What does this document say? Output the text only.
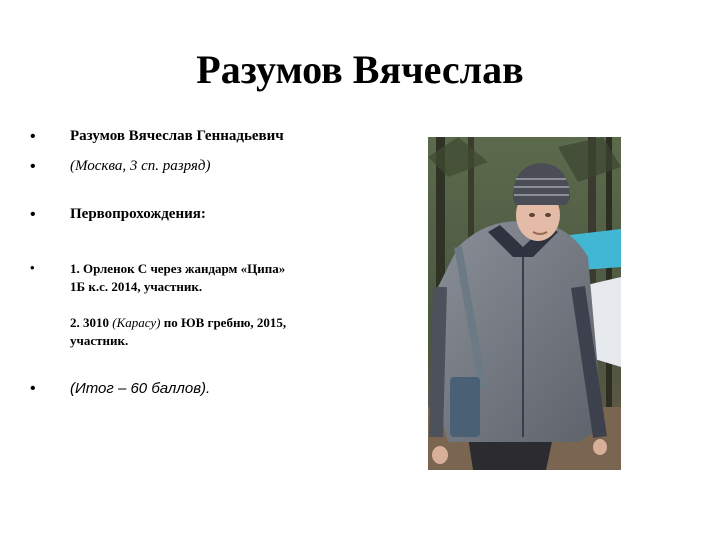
Разумов Вячеслав
• Разумов Вячеслав Геннадьевич
• (Москва, 3 сп. разряд)
• Первопрохождения:
•	1. Орленок С через жандарм «Ципа»
1Б к.с. 2014, участник.
2. 3010 (Карасу) по ЮВ гребню, 2015,
участник.
• (Итог – 60 баллов).
